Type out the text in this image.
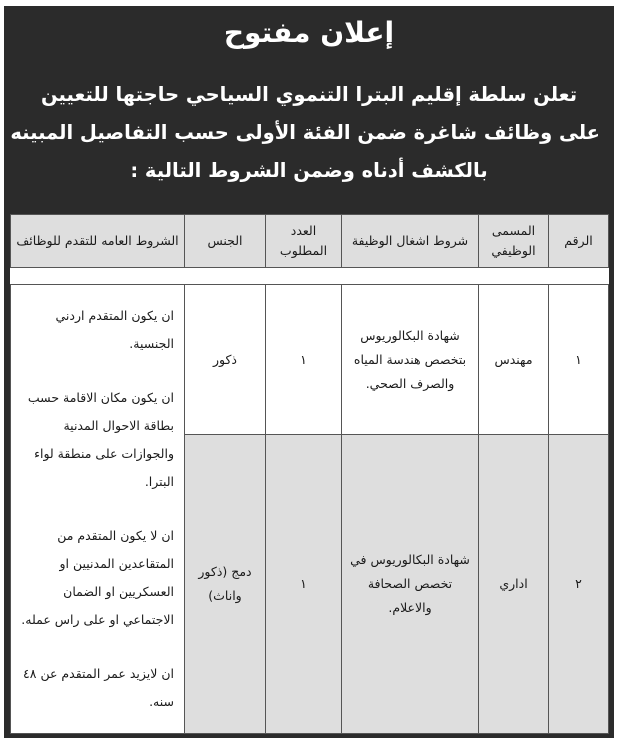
إعلان مفتوح
تعلن سلطة إقليم البترا التنموي السياحي حاجتها للتعيين
على وظائف شاغرة ضمن الفئة الأولى حسب التفاصيل المبينه
بالكشف أدناه وضمن الشروط التالية :
الرقم	المسمى الوظيفي	شروط اشغال الوظيفة	العدد المطلوب	الجنس	الشروط العامه للتقدم للوظائف

١	مهندس	شهادة البكالوريوس بتخصص هندسة المياه والصرف الصحي.	١	ذكور	ان يكون المتقدم اردني الجنسية.

ان يكون مكان الاقامة حسب بطاقة الاحوال المدنية والجوازات على منطقة لواء البترا.

ان لا يكون المتقدم من المتقاعدين المدنيين او العسكريين او الضمان الاجتماعي او على راس عمله.

ان لايزيد عمر المتقدم عن ٤٨ سنه.

٢	اداري	شهادة البكالوريوس في تخصص الصحافة والاعلام.	١	دمج (ذكور واناث)	
